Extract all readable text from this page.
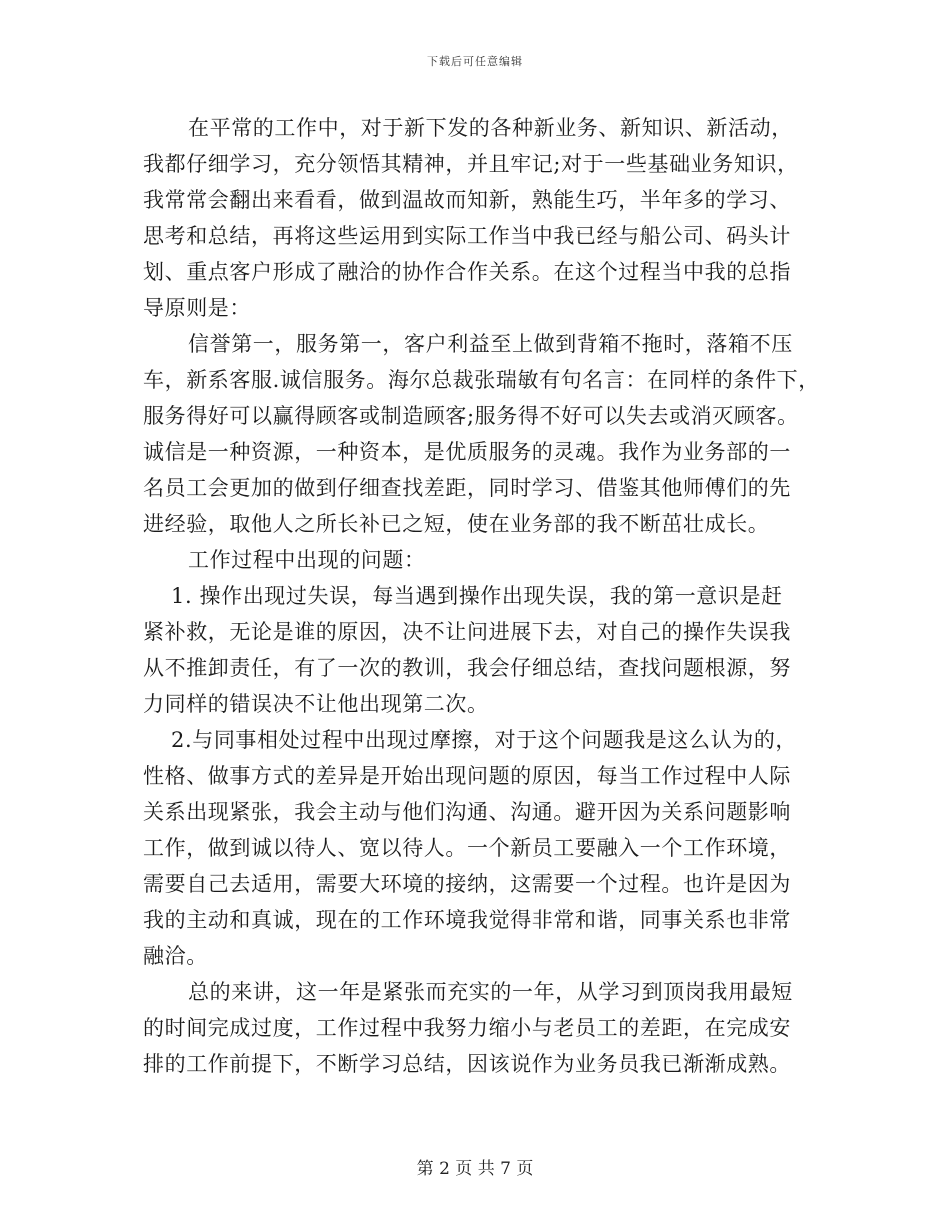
下载后可任意编辑
在平常的工作中，对于新下发的各种新业务、新知识、新活动，
我都仔细学习，充分领悟其精神，并且牢记;对于一些基础业务知识，
我常常会翻出来看看，做到温故而知新，熟能生巧，半年多的学习、
思考和总结，再将这些运用到实际工作当中我已经与船公司、码头计
划、重点客户形成了融洽的协作合作关系。在这个过程当中我的总指
导原则是：
信誉第一，服务第一，客户利益至上做到背箱不拖时，落箱不压
车，新系客服.诚信服务。海尔总裁张瑞敏有句名言：在同样的条件下，
服务得好可以赢得顾客或制造顾客;服务得不好可以失去或消灭顾客。
诚信是一种资源，一种资本，是优质服务的灵魂。我作为业务部的一
名员工会更加的做到仔细查找差距，同时学习、借鉴其他师傅们的先
进经验，取他人之所长补已之短，使在业务部的我不断茁壮成长。
工作过程中出现的问题：
1. 操作出现过失误，每当遇到操作出现失误，我的第一意识是赶
紧补救，无论是谁的原因，决不让问进展下去，对自己的操作失误我
从不推卸责任，有了一次的教训，我会仔细总结，查找问题根源，努
力同样的错误决不让他出现第二次。
2.与同事相处过程中出现过摩擦，对于这个问题我是这么认为的，
性格、做事方式的差异是开始出现问题的原因，每当工作过程中人际
关系出现紧张，我会主动与他们沟通、沟通。避开因为关系问题影响
工作，做到诚以待人、宽以待人。一个新员工要融入一个工作环境，
需要自己去适用，需要大环境的接纳，这需要一个过程。也许是因为
我的主动和真诚，现在的工作环境我觉得非常和谐，同事关系也非常
融洽。
总的来讲，这一年是紧张而充实的一年，从学习到顶岗我用最短
的时间完成过度，工作过程中我努力缩小与老员工的差距，在完成安
排的工作前提下，不断学习总结，因该说作为业务员我已渐渐成熟。
第 2 页 共 7 页
